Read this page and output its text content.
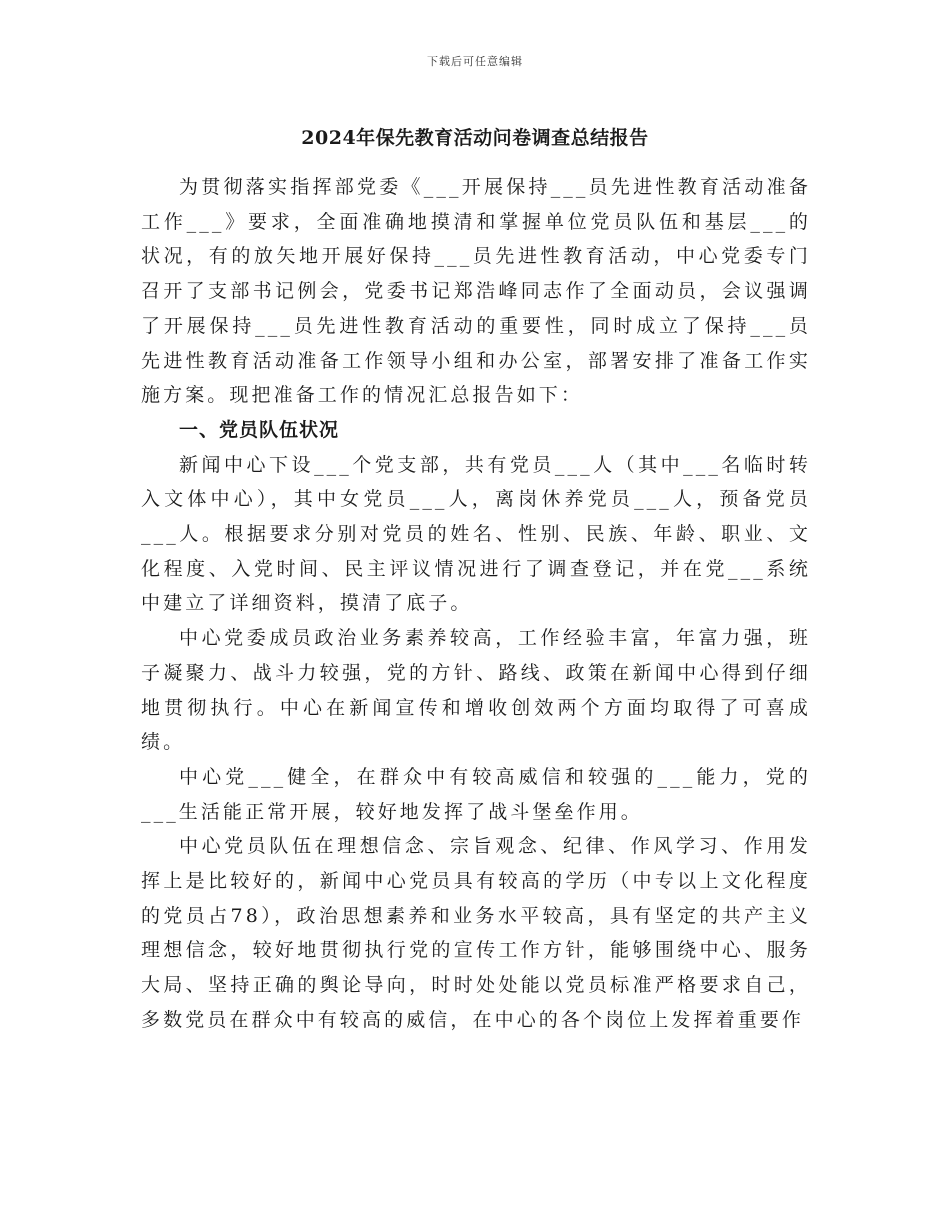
下载后可任意编辑
2024年保先教育活动问卷调查总结报告

为贯彻落实指挥部党委《___开展保持___员先进性教育活动准备工作___》要求，全面准确地摸清和掌握单位党员队伍和基层___的状况，有的放矢地开展好保持___员先进性教育活动，中心党委专门召开了支部书记例会，党委书记郑浩峰同志作了全面动员，会议强调了开展保持___员先进性教育活动的重要性，同时成立了保持___员先进性教育活动准备工作领导小组和办公室，部署安排了准备工作实施方案。现把准备工作的情况汇总报告如下：

一、党员队伍状况

新闻中心下设___个党支部，共有党员___人（其中___名临时转入文体中心），其中女党员___人，离岗休养党员___人，预备党员___人。根据要求分别对党员的姓名、性别、民族、年龄、职业、文化程度、入党时间、民主评议情况进行了调查登记，并在党___系统中建立了详细资料，摸清了底子。

中心党委成员政治业务素养较高，工作经验丰富，年富力强，班子凝聚力、战斗力较强，党的方针、路线、政策在新闻中心得到仔细地贯彻执行。中心在新闻宣传和增收创效两个方面均取得了可喜成绩。

中心党___健全，在群众中有较高威信和较强的___能力，党的___生活能正常开展，较好地发挥了战斗堡垒作用。

中心党员队伍在理想信念、宗旨观念、纪律、作风学习、作用发挥上是比较好的，新闻中心党员具有较高的学历（中专以上文化程度的党员占78），政治思想素养和业务水平较高，具有坚定的共产主义理想信念，较好地贯彻执行党的宣传工作方针，能够围绕中心、服务大局、坚持正确的舆论导向，时时处处能以党员标准严格要求自己，多数党员在群众中有较高的威信，在中心的各个岗位上发挥着重要作
